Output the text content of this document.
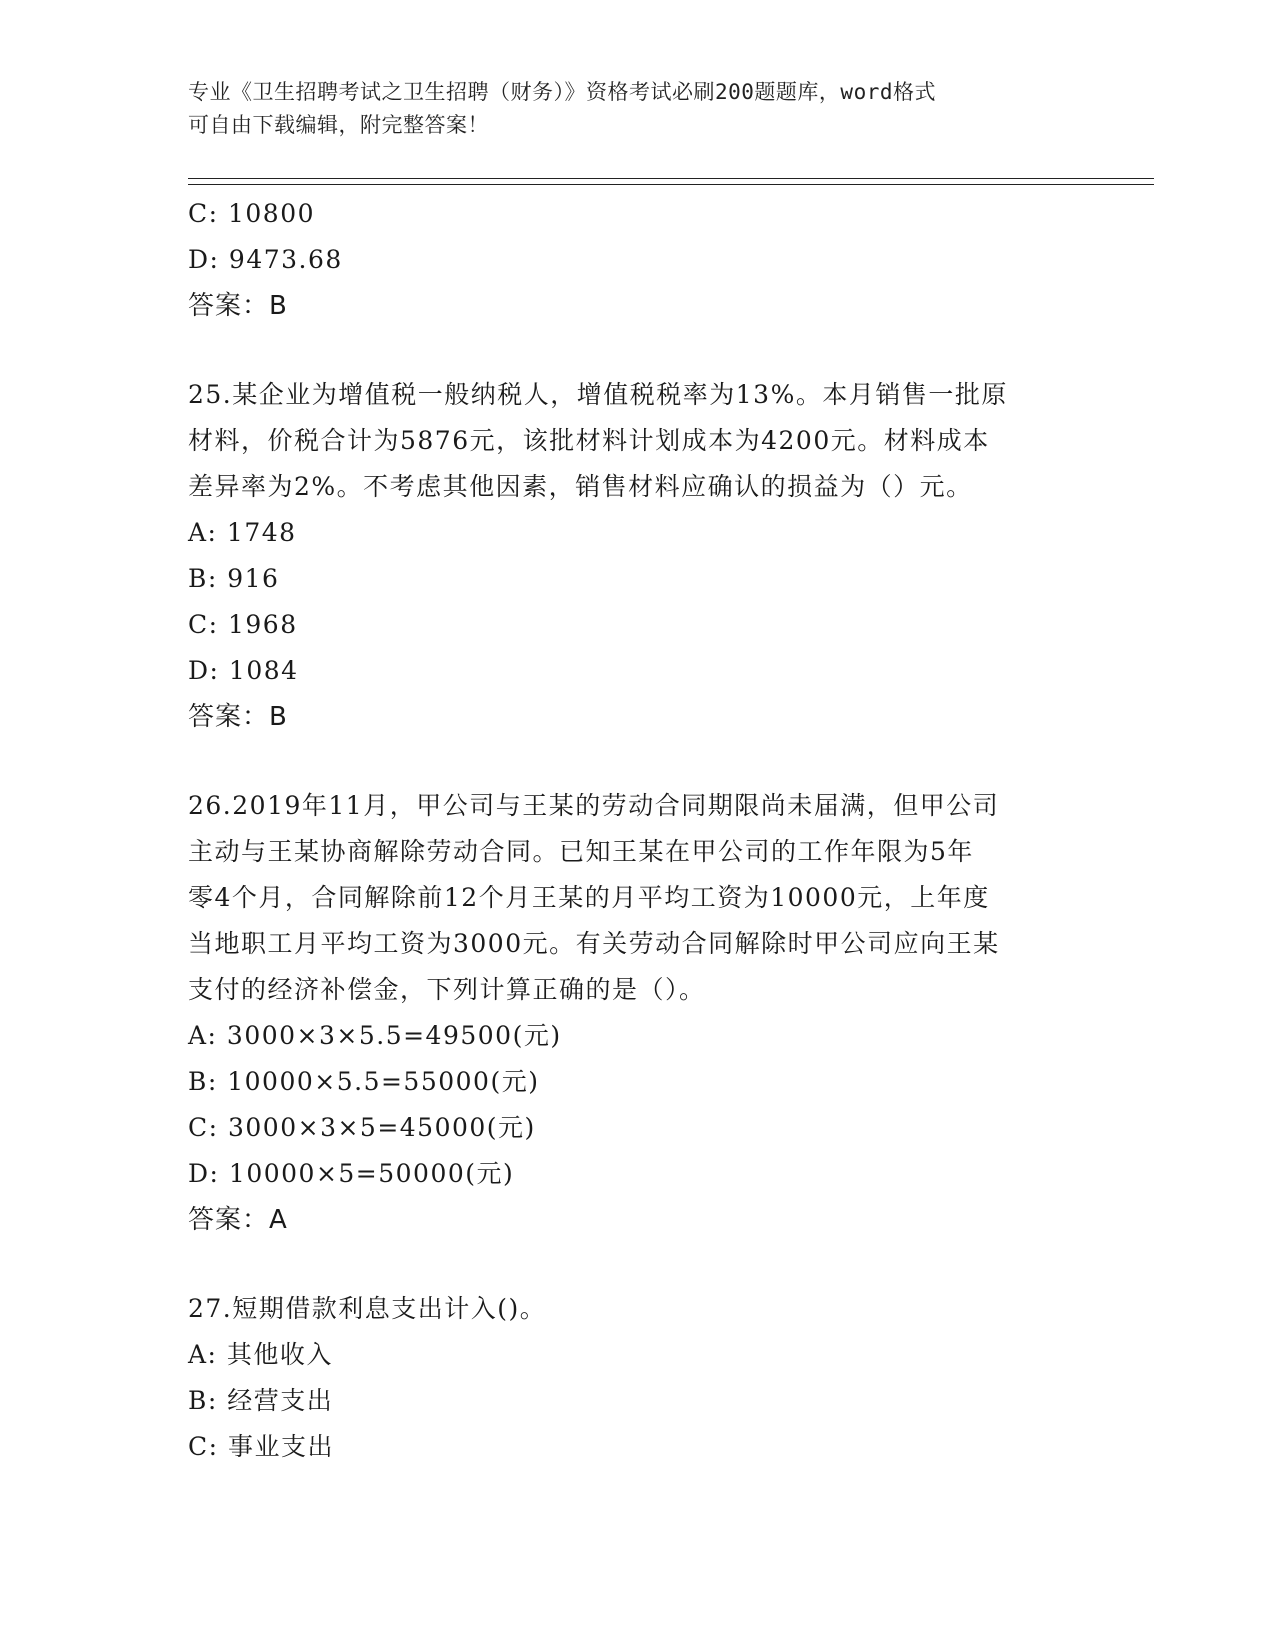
专业《卫生招聘考试之卫生招聘（财务）》资格考试必刷200题题库，word格式
可自由下载编辑，附完整答案！
C: 10800
D: 9473.68
答案：B
25.某企业为增值税一般纳税人，增值税税率为13%。本月销售一批原
材料，价税合计为5876元，该批材料计划成本为4200元。材料成本
差异率为2%。不考虑其他因素，销售材料应确认的损益为（）元。
A: 1748
B: 916
C: 1968
D: 1084
答案：B
26.2019年11月，甲公司与王某的劳动合同期限尚未届满，但甲公司
主动与王某协商解除劳动合同。已知王某在甲公司的工作年限为5年
零4个月，合同解除前12个月王某的月平均工资为10000元，上年度
当地职工月平均工资为3000元。有关劳动合同解除时甲公司应向王某
支付的经济补偿金，下列计算正确的是（）。
A: 3000×3×5.5=49500(元)
B: 10000×5.5=55000(元)
C: 3000×3×5=45000(元)
D: 10000×5=50000(元)
答案：A
27.短期借款利息支出计入()。
A: 其他收入
B: 经营支出
C: 事业支出
